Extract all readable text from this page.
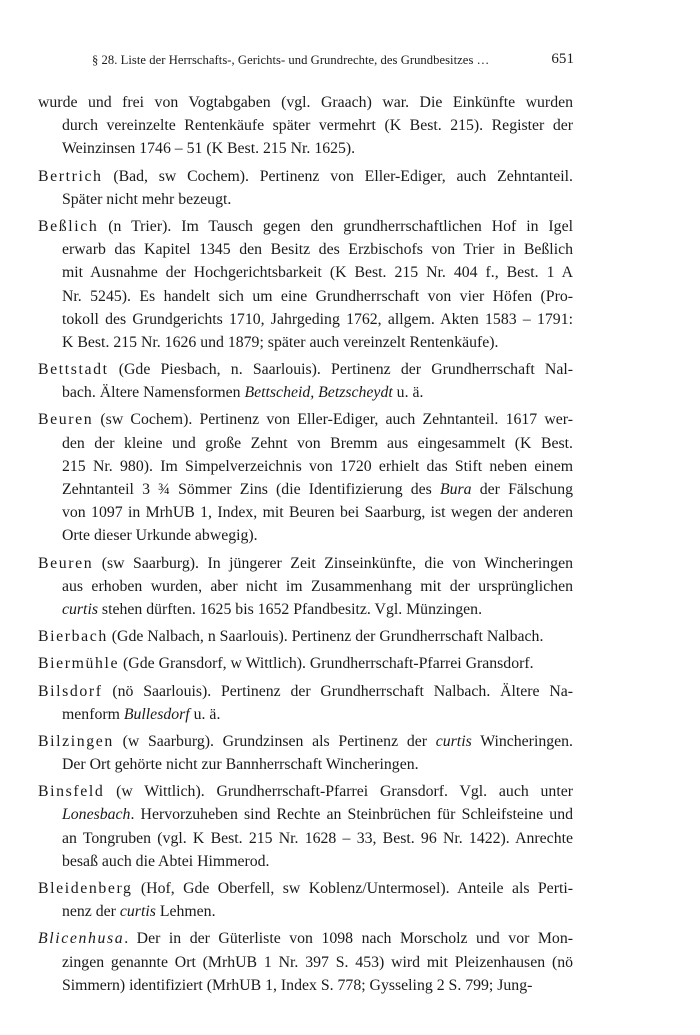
§ 28. Liste der Herrschafts-, Gerichts- und Grundrechte, des Grundbesitzes …	651
wurde und frei von Vogtabgaben (vgl. Graach) war. Die Einkünfte wurden
durch vereinzelte Rentenkäufe später vermehrt (K Best. 215). Register der
Weinzinsen 1746 – 51 (K Best. 215 Nr. 1625).
Bertrich (Bad, sw Cochem). Pertinenz von Eller-Ediger, auch Zehntanteil.
Später nicht mehr bezeugt.
Beßlich (n Trier). Im Tausch gegen den grundherrschaftlichen Hof in Igel
erwarb das Kapitel 1345 den Besitz des Erzbischofs von Trier in Beßlich
mit Ausnahme der Hochgerichtsbarkeit (K Best. 215 Nr. 404 f., Best. 1 A
Nr. 5245). Es handelt sich um eine Grundherrschaft von vier Höfen (Pro-
tokoll des Grundgerichts 1710, Jahrgeding 1762, allgem. Akten 1583 – 1791:
K Best. 215 Nr. 1626 und 1879; später auch vereinzelt Rentenkäufe).
Bettstadt (Gde Piesbach, n. Saarlouis). Pertinenz der Grundherrschaft Nal-
bach. Ältere Namensformen Bettscheid, Betzscheydt u. ä.
Beuren (sw Cochem). Pertinenz von Eller-Ediger, auch Zehntanteil. 1617 wer-
den der kleine und große Zehnt von Bremm aus eingesammelt (K Best.
215 Nr. 980). Im Simpelverzeichnis von 1720 erhielt das Stift neben einem
Zehntanteil 3 ¾ Sömmer Zins (die Identifizierung des Bura der Fälschung
von 1097 in MrhUB 1, Index, mit Beuren bei Saarburg, ist wegen der anderen
Orte dieser Urkunde abwegig).
Beuren (sw Saarburg). In jüngerer Zeit Zinseinkünfte, die von Wincheringen
aus erhoben wurden, aber nicht im Zusammenhang mit der ursprünglichen
curtis stehen dürften. 1625 bis 1652 Pfandbesitz. Vgl. Münzingen.
Bierbach (Gde Nalbach, n Saarlouis). Pertinenz der Grundherrschaft Nalbach.
Biermühle (Gde Gransdorf, w Wittlich). Grundherrschaft-Pfarrei Gransdorf.
Bilsdorf (nö Saarlouis). Pertinenz der Grundherrschaft Nalbach. Ältere Na-
menform Bullesdorf u. ä.
Bilzingen (w Saarburg). Grundzinsen als Pertinenz der curtis Wincheringen.
Der Ort gehörte nicht zur Bannherrschaft Wincheringen.
Binsfeld (w Wittlich). Grundherrschaft-Pfarrei Gransdorf. Vgl. auch unter
Lonesbach. Hervorzuheben sind Rechte an Steinbrüchen für Schleifsteine und
an Tongruben (vgl. K Best. 215 Nr. 1628 – 33, Best. 96 Nr. 1422). Anrechte
besaß auch die Abtei Himmerod.
Bleidenberg (Hof, Gde Oberfell, sw Koblenz/Untermosel). Anteile als Perti-
nenz der curtis Lehmen.
Blicenhusa. Der in der Güterliste von 1098 nach Morscholz und vor Mon-
zingen genannte Ort (MrhUB 1 Nr. 397 S. 453) wird mit Pleizenhausen (nö
Simmern) identifiziert (MrhUB 1, Index S. 778; Gysseling 2 S. 799; Jung-
